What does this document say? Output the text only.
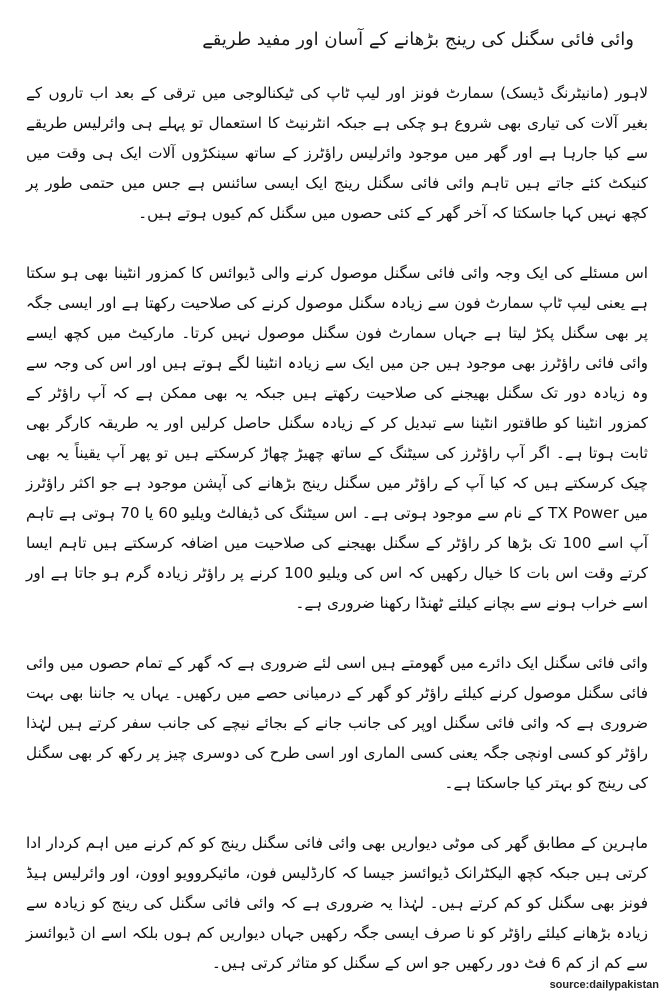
وائی فائی سگنل کی رینج بڑھانے کے آسان اور مفید طریقے

لاہور (مانیٹرنگ ڈیسک) سمارٹ فونز اور لیپ ٹاپ کی ٹیکنالوجی میں ترقی کے بعد اب تاروں کے بغیر آلات کی تیاری بھی شروع ہو چکی ہے جبکہ انٹرنیٹ کا استعمال تو پہلے ہی وائرلیس طریقے سے کیا جارہا ہے اور گھر میں موجود وائرلیس راؤٹرز کے ساتھ سینکڑوں آلات ایک ہی وقت میں کنیکٹ کئے جاتے ہیں تاہم وائی فائی سگنل رینج ایک ایسی سائنس ہے جس میں حتمی طور پر کچھ نہیں کہا جاسکتا کہ آخر گھر کے کئی حصوں میں سگنل کم کیوں ہوتے ہیں۔

اس مسئلے کی ایک وجہ وائی فائی سگنل موصول کرنے والی ڈیوائس کا کمزور انٹینا بھی ہو سکتا ہے یعنی لیپ ٹاپ سمارٹ فون سے زیادہ سگنل موصول کرنے کی صلاحیت رکھتا ہے اور ایسی جگہ پر بھی سگنل پکڑ لیتا ہے جہاں سمارٹ فون سگنل موصول نہیں کرتا۔ مارکیٹ میں کچھ ایسے وائی فائی راؤٹرز بھی موجود ہیں جن میں ایک سے زیادہ انٹینا لگے ہوتے ہیں اور اس کی وجہ سے وہ زیادہ دور تک سگنل بھیجنے کی صلاحیت رکھتے ہیں جبکہ یہ بھی ممکن ہے کہ آپ راؤٹر کے کمزور انٹینا کو طاقتور انٹینا سے تبدیل کر کے زیادہ سگنل حاصل کرلیں اور یہ طریقہ کارگر بھی ثابت ہوتا ہے۔ اگر آپ راؤٹرز کی سیٹنگ کے ساتھ چھیڑ چھاڑ کرسکتے ہیں تو پھر آپ یقیناً یہ بھی چیک کرسکتے ہیں کہ کیا آپ کے راؤٹر میں سگنل رینج بڑھانے کی آپشن موجود ہے جو اکثر راؤٹرز میں TX Power کے نام سے موجود ہوتی ہے۔ اس سیٹنگ کی ڈیفالٹ ویلیو 60 یا 70 ہوتی ہے تاہم آپ اسے 100 تک بڑھا کر راؤٹر کے سگنل بھیجنے کی صلاحیت میں اضافہ کرسکتے ہیں تاہم ایسا کرتے وقت اس بات کا خیال رکھیں کہ اس کی ویلیو 100 کرنے پر راؤٹر زیادہ گرم ہو جاتا ہے اور اسے خراب ہونے سے بچانے کیلئے ٹھنڈا رکھنا ضروری ہے۔

وائی فائی سگنل ایک دائرے میں گھومتے ہیں اسی لئے ضروری ہے کہ گھر کے تمام حصوں میں وائی فائی سگنل موصول کرنے کیلئے راؤٹر کو گھر کے درمیانی حصے میں رکھیں۔ یہاں یہ جاننا بھی بہت ضروری ہے کہ وائی فائی سگنل اوپر کی جانب جانے کے بجائے نیچے کی جانب سفر کرتے ہیں لہٰذا راؤٹر کو کسی اونچی جگہ یعنی کسی الماری اور اسی طرح کی دوسری چیز پر رکھ کر بھی سگنل کی رینج کو بہتر کیا جاسکتا ہے۔

ماہرین کے مطابق گھر کی موٹی دیواریں بھی وائی فائی سگنل رینج کو کم کرنے میں اہم کردار ادا کرتی ہیں جبکہ کچھ الیکٹرانک ڈیوائسز جیسا کہ کارڈلیس فون، مائیکروویو اوون، اور وائرلیس ہیڈ فونز بھی سگنل کو کم کرتے ہیں۔ لہٰذا یہ ضروری ہے کہ وائی فائی سگنل کی رینج کو زیادہ سے زیادہ بڑھانے کیلئے راؤٹر کو نا صرف ایسی جگہ رکھیں جہاں دیواریں کم ہوں بلکہ اسے ان ڈیوائسز سے کم از کم 6 فٹ دور رکھیں جو اس کے سگنل کو متاثر کرتی ہیں۔

source:dailypakistan
